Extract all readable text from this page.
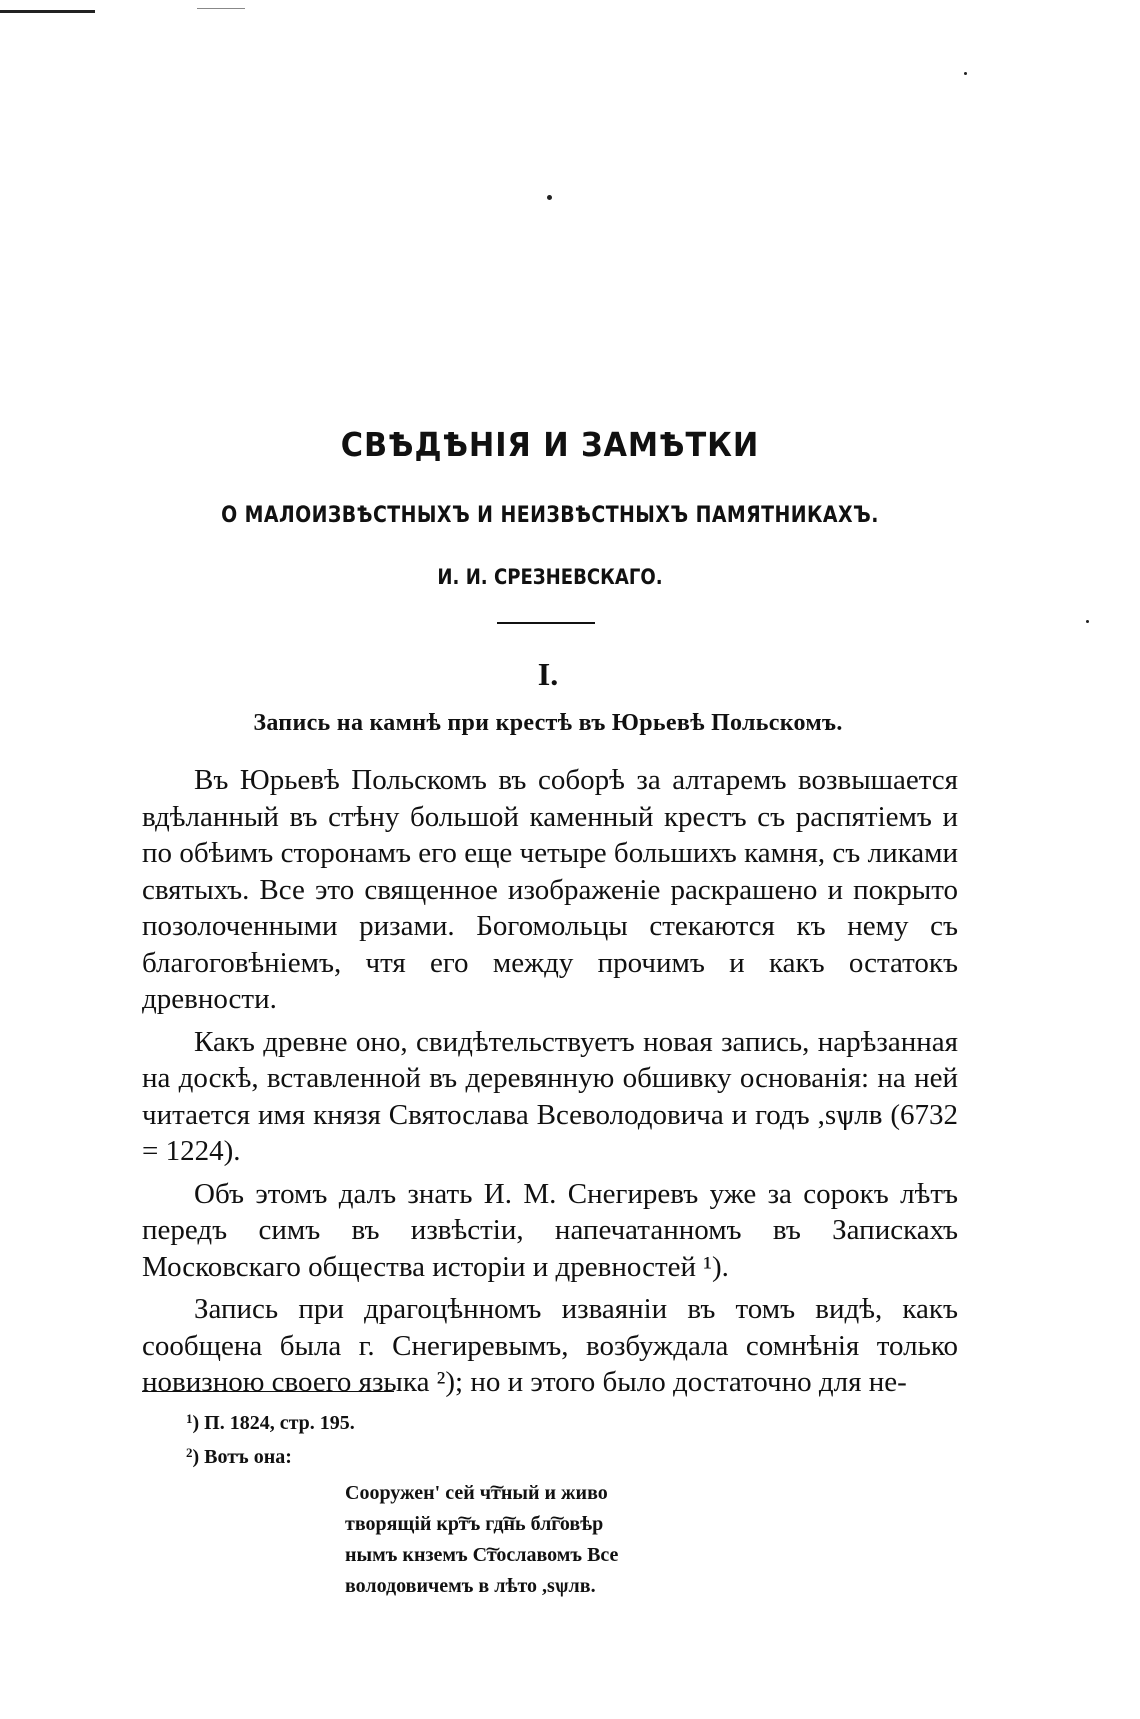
СВѢДѢНІЯ И ЗАМѢТКИ
О МАЛОИЗВѢСТНЫХЪ И НЕИЗВѢСТНЫХЪ ПАМЯТНИКАХЪ.
И. И. СРЕЗНЕВСКАГО.
I.
Запись на камнѣ при крестѣ въ Юрьевѣ Польскомъ.

Въ Юрьевѣ Польскомъ въ соборѣ за алтаремъ возвышается вдѣланный въ стѣну большой каменный крестъ съ распятіемъ и по обѣимъ сторонамъ его еще четыре большихъ камня, съ ликами святыхъ. Все это священное изображеніе раскрашено и покрыто позолоченными ризами. Богомольцы стекаются къ нему съ благоговѣніемъ, чтя его между прочимъ и какъ остатокъ древности.

Какъ древне оно, свидѣтельствуетъ новая запись, нарѣзанная на доскѣ, вставленной въ деревянную обшивку основанія: на ней читается имя князя Святослава Всеволодовича и годъ ,ѕѱлв (6732 = 1224).

Объ этомъ далъ знать И. М. Снегиревъ уже за сорокъ лѣтъ передъ симъ въ извѣстіи, напечатанномъ въ Запискахъ Московскаго общества исторіи и древностей ¹).

Запись при драгоцѣнномъ изваяніи въ томъ видѣ, какъ сообщена была г. Снегиревымъ, возбуждала сомнѣнія только новизною своего языка ²); но и этого было достаточно для не-

$^1$) П. 1824, стр. 195.
$^2$) Вотъ она:
Сооружен' сей ч͠тный и живо
творящій кр͠тъ гд͠нь бл͠говѣр
нымъ кнземъ С͠тославомъ Все
володовичемъ в лѣто ,ѕѱлв.
